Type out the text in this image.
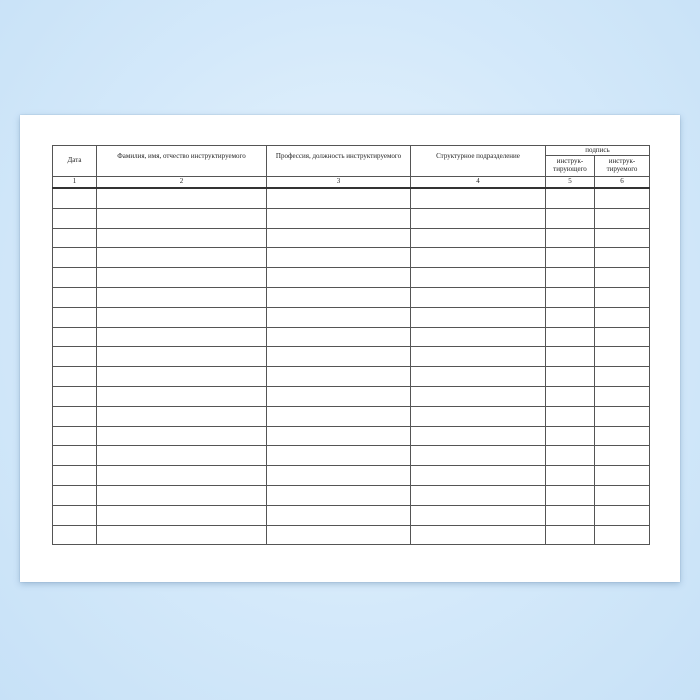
Дата	Фамилия, имя, отчество инструктируемого	Профессия, должность инструктируемого	Структурное подразделение	подпись	
				инструк-тирующего	инструк-тируемого
1	2	3	4	5	6
